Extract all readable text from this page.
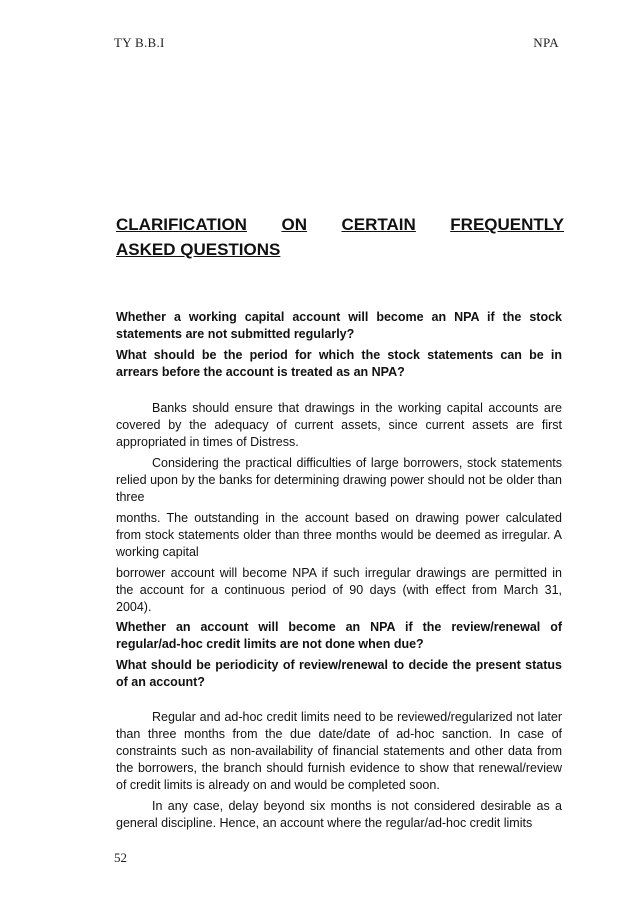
TY B.B.I	NPA
CLARIFICATION ON CERTAIN FREQUENTLY
ASKED QUESTIONS

Whether a working capital account will become an NPA if the stock statements are not submitted regularly?

What should be the period for which the stock statements can be in arrears before the account is treated as an NPA?

Banks should ensure that drawings in the working capital accounts are covered by the adequacy of current assets, since current assets are first appropriated in times of Distress.

Considering the practical difficulties of large borrowers, stock statements relied upon by the banks for determining drawing power should not be older than three

months. The outstanding in the account based on drawing power calculated from stock statements older than three months would be deemed as irregular. A working capital

borrower account will become NPA if such irregular drawings are permitted in the account for a continuous period of 90 days (with effect from March 31, 2004).

Whether an account will become an NPA if the review/renewal of regular/ad-hoc credit limits are not done when due?

What should be periodicity of review/renewal to decide the present status of an account?

Regular and ad-hoc credit limits need to be reviewed/regularized not later than three months from the due date/date of ad-hoc sanction. In case of constraints such as non-availability of financial statements and other data from the borrowers, the branch should furnish evidence to show that renewal/review of credit limits is already on and would be completed soon.

In any case, delay beyond six months is not considered desirable as a general discipline. Hence, an account where the regular/ad-hoc credit limits

52
